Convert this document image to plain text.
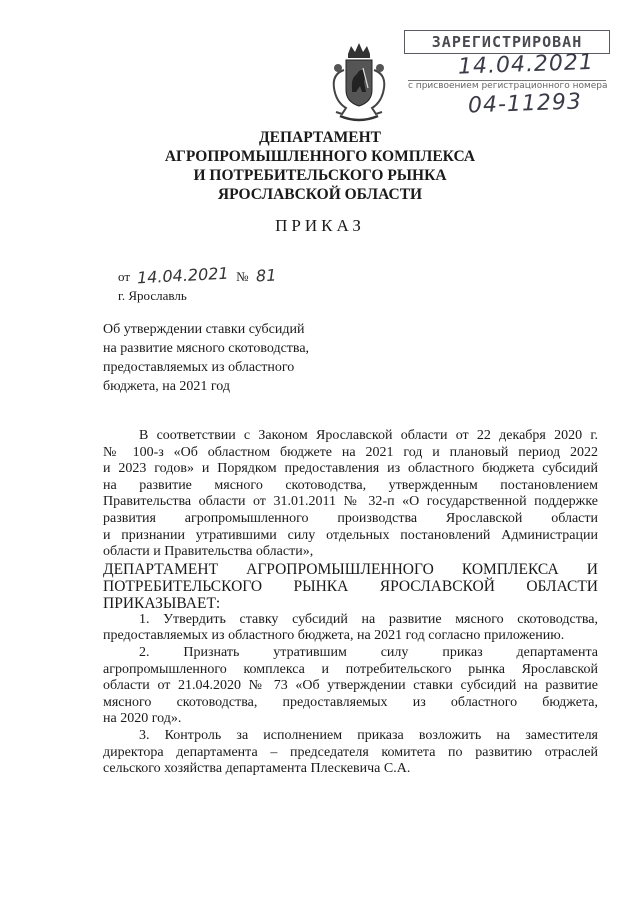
ЗАРЕГИСТРИРОВАН
14.04.2021
с присвоением регистрационного номера
04-11293
ДЕПАРТАМЕНТ
АГРОПРОМЫШЛЕННОГО КОМПЛЕКСА
И ПОТРЕБИТЕЛЬСКОГО РЫНКА
ЯРОСЛАВСКОЙ ОБЛАСТИ
ПРИКАЗ
от 14.04.2021 № 81
г. Ярославль
Об утверждении ставки субсидий
на развитие мясного скотоводства,
предоставляемых из областного
бюджета, на 2021 год
В соответствии с Законом Ярославской области от 22 декабря 2020 г.
№ 100-з «Об областном бюджете на 2021 год и плановый период 2022
и 2023 годов» и Порядком предоставления из областного бюджета субсидий
на развитие мясного скотоводства, утвержденным постановлением
Правительства области от 31.01.2011 № 32-п «О государственной поддержке
развития агропромышленного производства Ярославской области
и признании утратившими силу отдельных постановлений Администрации
области и Правительства области»,
ДЕПАРТАМЕНТ АГРОПРОМЫШЛЕННОГО КОМПЛЕКСА И
ПОТРЕБИТЕЛЬСКОГО РЫНКА ЯРОСЛАВСКОЙ ОБЛАСТИ
ПРИКАЗЫВАЕТ:
1. Утвердить ставку субсидий на развитие мясного скотоводства,
предоставляемых из областного бюджета, на 2021 год согласно приложению.
2. Признать утратившим силу приказ департамента
агропромышленного комплекса и потребительского рынка Ярославской
области от 21.04.2020 № 73 «Об утверждении ставки субсидий на развитие
мясного скотоводства, предоставляемых из областного бюджета,
на 2020 год».
3. Контроль за исполнением приказа возложить на заместителя
директора департамента – председателя комитета по развитию отраслей
сельского хозяйства департамента Плескевича С.А.
